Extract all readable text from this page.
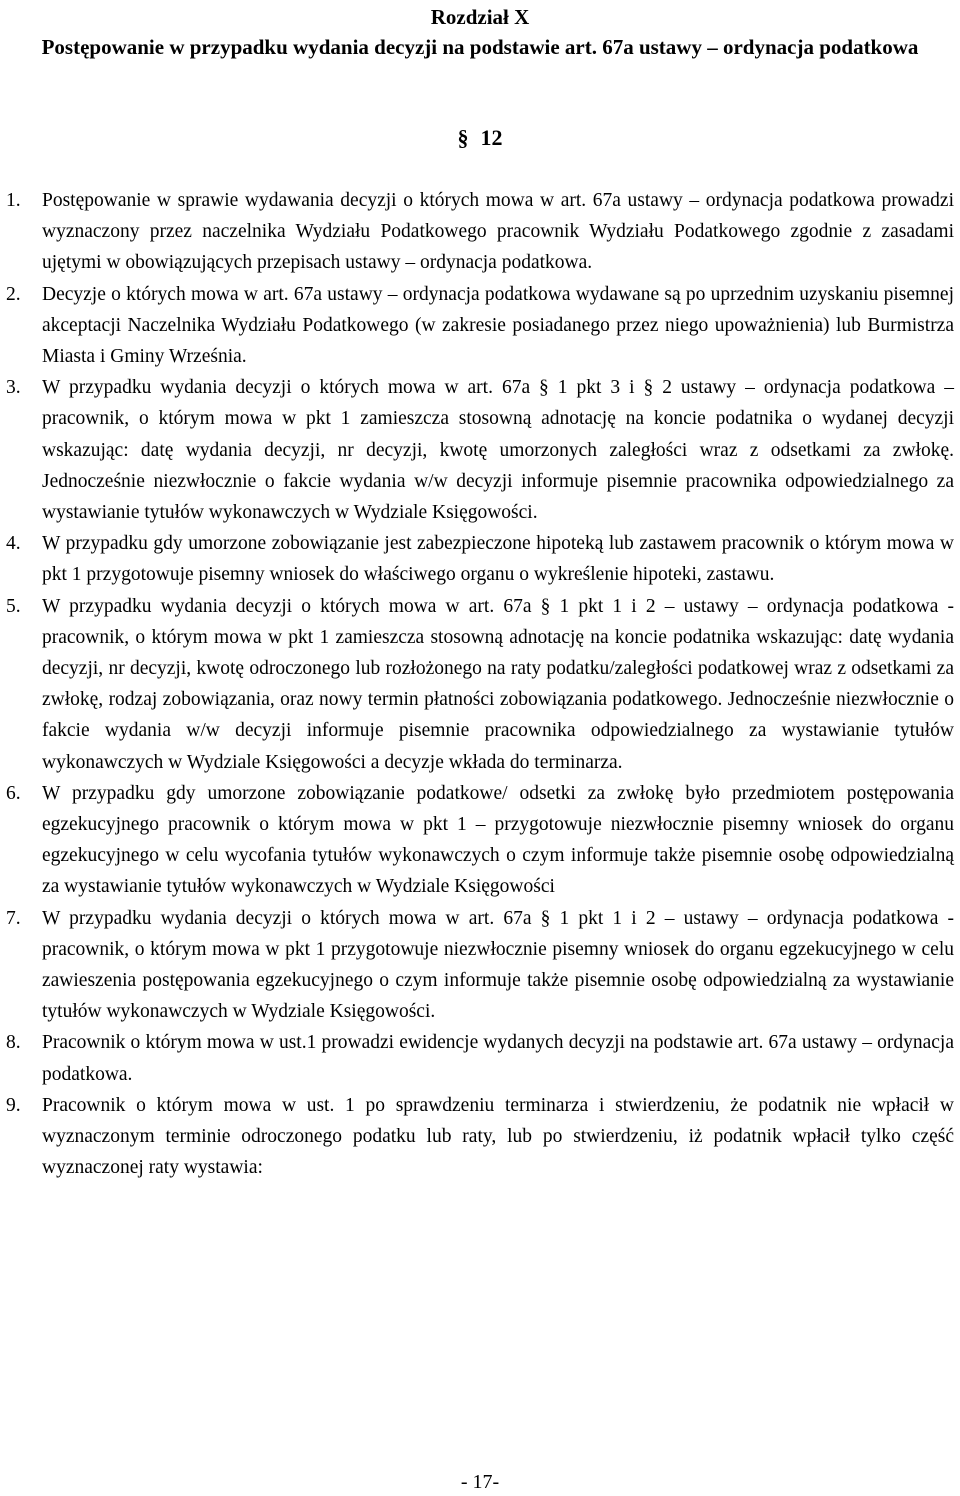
Rozdział X
Postępowanie w przypadku wydania decyzji na podstawie art. 67a ustawy – ordynacja podatkowa
§ 12
1. Postępowanie w sprawie wydawania decyzji o których mowa w art. 67a ustawy – ordynacja podatkowa prowadzi wyznaczony przez naczelnika Wydziału Podatkowego pracownik Wydziału Podatkowego zgodnie z zasadami ujętymi w obowiązujących przepisach ustawy – ordynacja podatkowa.
2. Decyzje o których mowa w art. 67a ustawy – ordynacja podatkowa wydawane są po uprzednim uzyskaniu pisemnej akceptacji Naczelnika Wydziału Podatkowego (w zakresie posiadanego przez niego upoważnienia) lub Burmistrza Miasta i Gminy Września.
3. W przypadku wydania decyzji o których mowa w art. 67a § 1 pkt 3 i § 2 ustawy – ordynacja podatkowa – pracownik, o którym mowa w pkt 1 zamieszcza stosowną adnotację na koncie podatnika o wydanej decyzji wskazując: datę wydania decyzji, nr decyzji, kwotę umorzonych zaległości wraz z odsetkami za zwłokę. Jednocześnie niezwłocznie o fakcie wydania w/w decyzji informuje pisemnie pracownika odpowiedzialnego za wystawianie tytułów wykonawczych w Wydziale Księgowości.
4. W przypadku gdy umorzone zobowiązanie jest zabezpieczone hipoteką lub zastawem pracownik o którym mowa w pkt 1 przygotowuje pisemny wniosek do właściwego organu o wykreślenie hipoteki, zastawu.
5. W przypadku wydania decyzji o których mowa w art. 67a § 1 pkt 1 i 2 – ustawy – ordynacja podatkowa - pracownik, o którym mowa w pkt 1 zamieszcza stosowną adnotację na koncie podatnika wskazując: datę wydania decyzji, nr decyzji, kwotę odroczonego lub rozłożonego na raty podatku/zaległości podatkowej wraz z odsetkami za zwłokę, rodzaj zobowiązania, oraz nowy termin płatności zobowiązania podatkowego. Jednocześnie niezwłocznie o fakcie wydania w/w decyzji informuje pisemnie pracownika odpowiedzialnego za wystawianie tytułów wykonawczych w Wydziale Księgowości a decyzje wkłada do terminarza.
6. W przypadku gdy umorzone zobowiązanie podatkowe/ odsetki za zwłokę było przedmiotem postępowania egzekucyjnego pracownik o którym mowa w pkt 1 – przygotowuje niezwłocznie pisemny wniosek do organu egzekucyjnego w celu wycofania tytułów wykonawczych o czym informuje także pisemnie osobę odpowiedzialną za wystawianie tytułów wykonawczych w Wydziale Księgowości
7. W przypadku wydania decyzji o których mowa w art. 67a § 1 pkt 1 i 2 – ustawy – ordynacja podatkowa - pracownik, o którym mowa w pkt 1 przygotowuje niezwłocznie pisemny wniosek do organu egzekucyjnego w celu zawieszenia postępowania egzekucyjnego o czym informuje także pisemnie osobę odpowiedzialną za wystawianie tytułów wykonawczych w Wydziale Księgowości.
8. Pracownik o którym mowa w ust.1 prowadzi ewidencje wydanych decyzji na podstawie art. 67a ustawy – ordynacja podatkowa.
9. Pracownik o którym mowa w ust. 1 po sprawdzeniu terminarza i stwierdzeniu, że podatnik nie wpłacił w wyznaczonym terminie odroczonego podatku lub raty, lub po stwierdzeniu, iż podatnik wpłacił tylko część wyznaczonej raty wystawia:
- 17-
